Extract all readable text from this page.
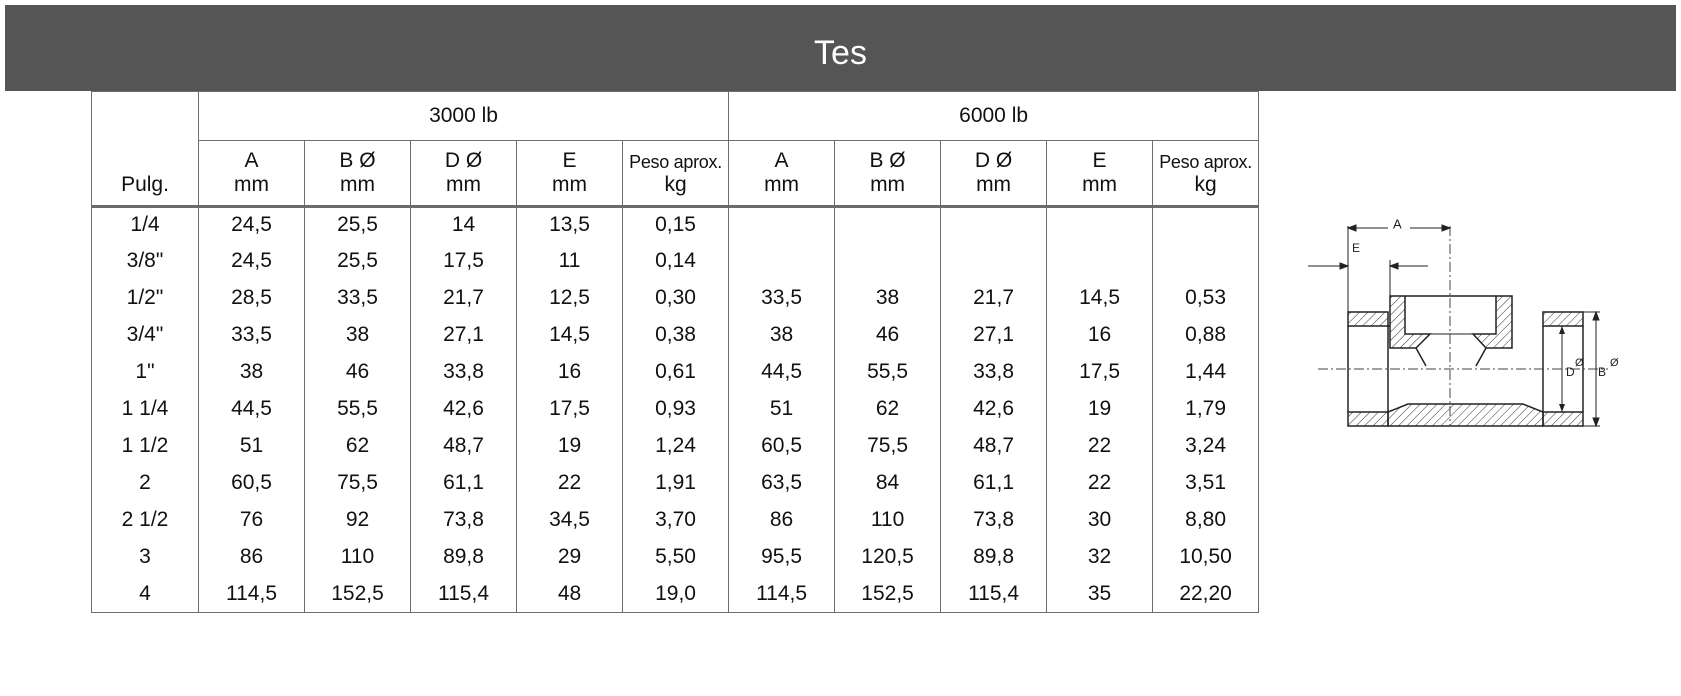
Tes
	3000 lb					6000 lb				
	A	B Ø	D Ø	E	Peso aprox.	A	B Ø	D Ø	E	Peso aprox.
Pulg.	mm	mm	mm	mm	kg	mm	mm	mm	mm	kg
1/4	24,5	25,5	14	13,5	0,15					
3/8"	24,5	25,5	17,5	11	0,14					
1/2"	28,5	33,5	21,7	12,5	0,30	33,5	38	21,7	14,5	0,53
3/4"	33,5	38	27,1	14,5	0,38	38	46	27,1	16	0,88
1"	38	46	33,8	16	0,61	44,5	55,5	33,8	17,5	1,44
1 1/4	44,5	55,5	42,6	17,5	0,93	51	62	42,6	19	1,79
1 1/2	51	62	48,7	19	1,24	60,5	75,5	48,7	22	3,24
2	60,5	75,5	61,1	22	1,91	63,5	84	61,1	22	3,51
2 1/2	76	92	73,8	34,5	3,70	86	110	73,8	30	8,80
3	86	110	89,8	29	5,50	95,5	120,5	89,8	32	10,50
4	114,5	152,5	115,4	48	19,0	114,5	152,5	115,4	35	22,20
A
E
D
Ø
B
Ø
